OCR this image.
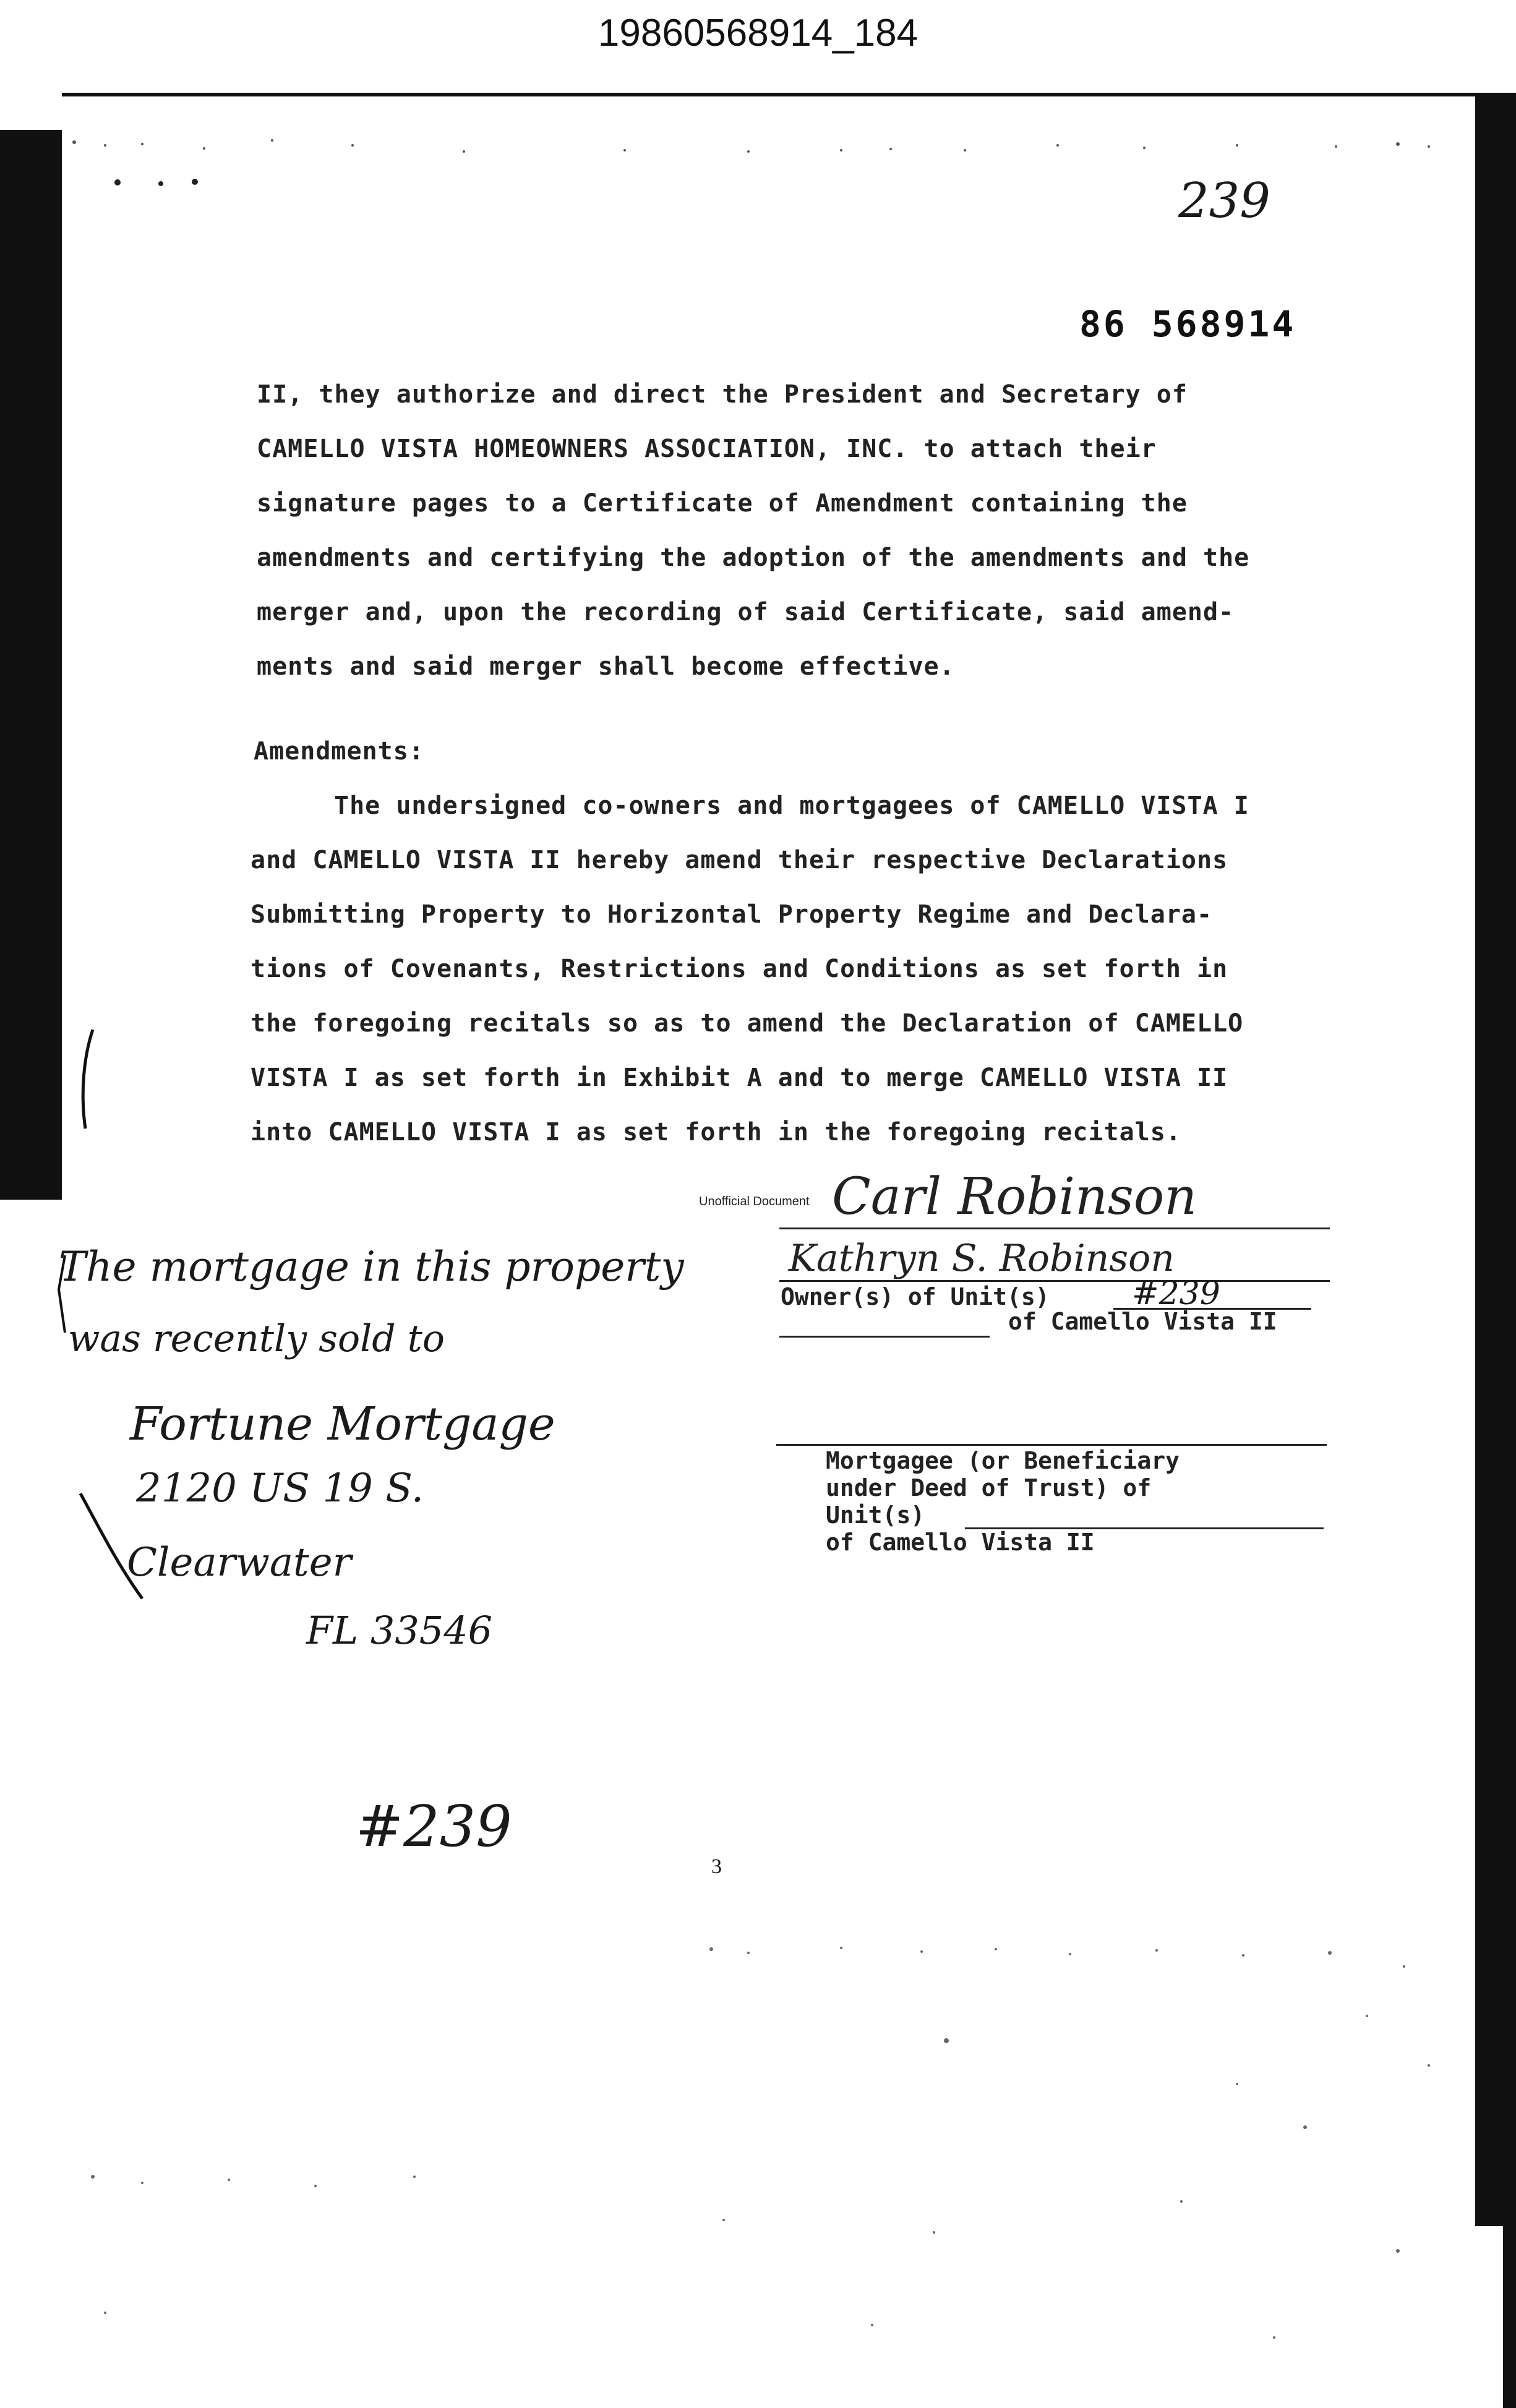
19860568914_184
239
86 568914
II, they authorize and direct the President and Secretary of
CAMELLO VISTA HOMEOWNERS ASSOCIATION, INC. to attach their
signature pages to a Certificate of Amendment containing the
amendments and certifying the adoption of the amendments and the
merger and, upon the recording of said Certificate, said amend-
ments and said merger shall become effective.
Amendments:
The undersigned co-owners and mortgagees of CAMELLO VISTA I
and CAMELLO VISTA II hereby amend their respective Declarations
Submitting Property to Horizontal Property Regime and Declara-
tions of Covenants, Restrictions and Conditions as set forth in
the foregoing recitals so as to amend the Declaration of CAMELLO
VISTA I as set forth in Exhibit A and to merge CAMELLO VISTA II
into CAMELLO VISTA I as set forth in the foregoing recitals.
Unofficial Document Carl Robinson
Kathryn S. Robinson
Owner(s) of Unit(s)	#239
of Camello Vista II
Mortgagee (or Beneficiary
under Deed of Trust) of
Unit(s)
of Camello Vista II
The mortgage in this property
was recently sold to
Fortune Mortgage
2120 US 19 S.
Clearwater
FL 33546
#239
3
